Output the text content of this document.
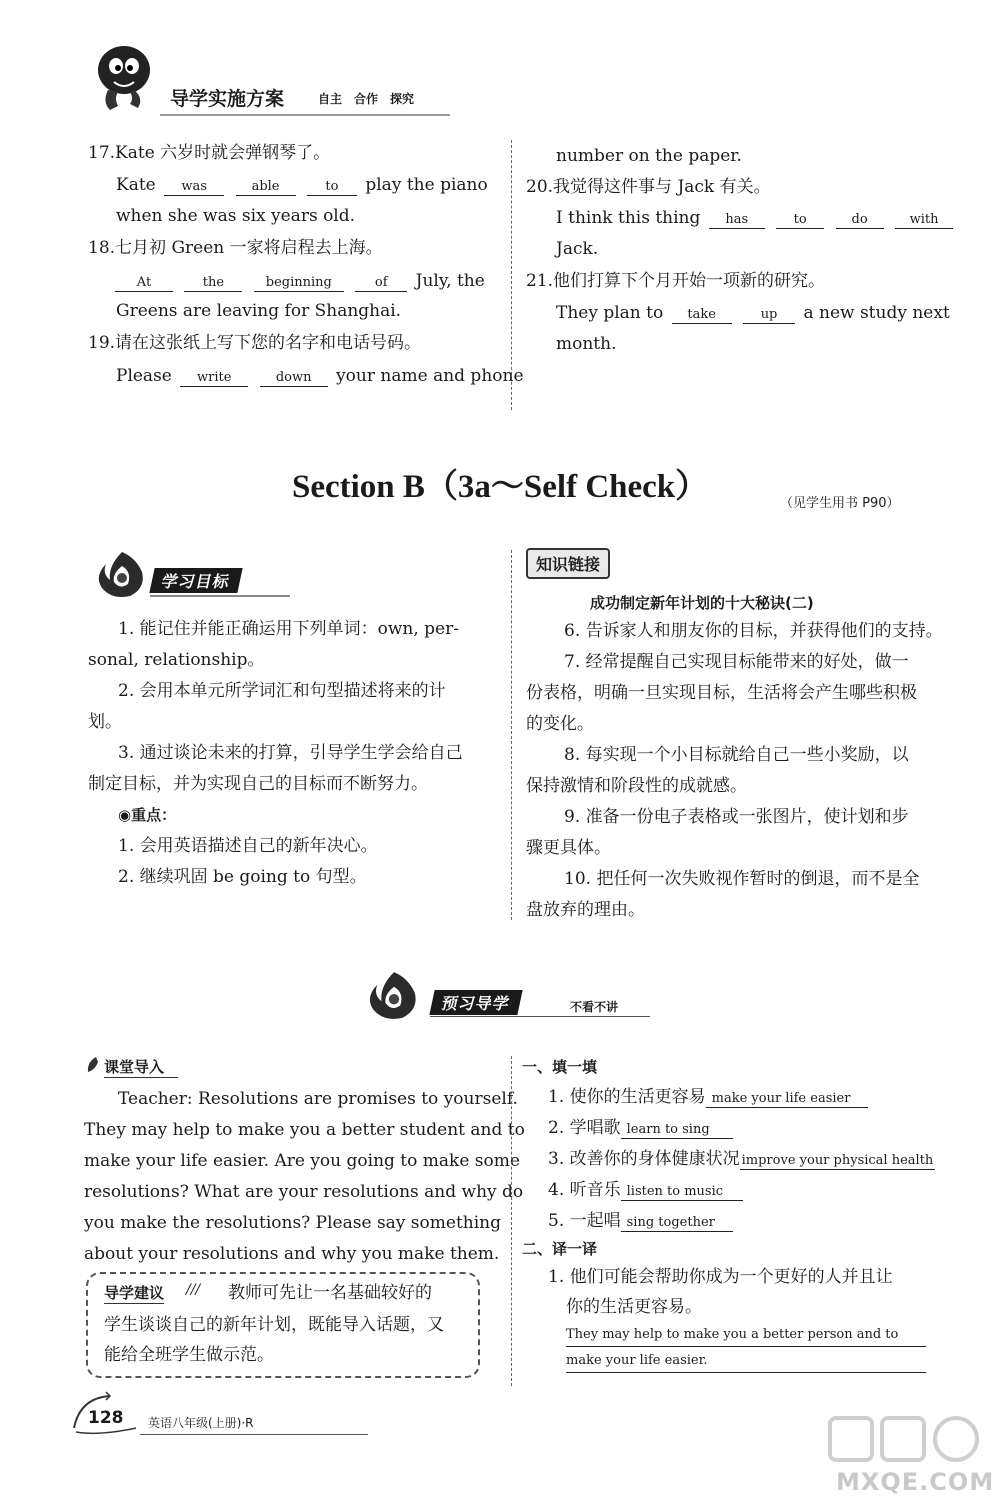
导学实施方案	自主　合作　探究
17.Kate 六岁时就会弹钢琴了。
Kate was	able	to play the piano
when she was six years old.
18.七月初 Green 一家将启程去上海。
At	the	beginning	of July, the
Greens are leaving for Shanghai.
19.请在这张纸上写下您的名字和电话号码。
Please write	down your name and phone
number on the paper.
20.我觉得这件事与 Jack 有关。
I think this thing has	to	do	with
Jack.
21.他们打算下个月开始一项新的研究。
They plan to take	up a new study next
month.
Section B（3a～Self Check）	（见学生用书 P90）
学习目标
1. 能记住并能正确运用下列单词：own, per-
sonal, relationship。
2. 会用本单元所学词汇和句型描述将来的计
划。
3. 通过谈论未来的打算，引导学生学会给自己
制定目标，并为实现自己的目标而不断努力。
◉重点：
1. 会用英语描述自己的新年决心。
2. 继续巩固 be going to 句型。
知识链接
成功制定新年计划的十大秘诀(二)
6. 告诉家人和朋友你的目标，并获得他们的支持。
7. 经常提醒自己实现目标能带来的好处，做一
份表格，明确一旦实现目标，生活将会产生哪些积极
的变化。
8. 每实现一个小目标就给自己一些小奖励，以
保持激情和阶段性的成就感。
9. 准备一份电子表格或一张图片，使计划和步
骤更具体。
10. 把任何一次失败视作暂时的倒退，而不是全
盘放弃的理由。
预习导学	不看不讲
课堂导入
Teacher: Resolutions are promises to yourself.
They may help to make you a better student and to
make your life easier. Are you going to make some
resolutions? What are your resolutions and why do
you make the resolutions? Please say something
about your resolutions and why you make them.
导学建议 /// 教师可先让一名基础较好的
学生谈谈自己的新年计划，既能导入话题，又
能给全班学生做示范。
一、填一填
1. 使你的生活更容易 make your life easier
2. 学唱歌 learn to sing
3. 改善你的身体健康状况 improve your physical health
4. 听音乐 listen to music
5. 一起唱 sing together
二、译一译
1. 他们可能会帮助你成为一个更好的人并且让
你的生活更容易。
They may help to make you a better person and to
make your life easier.
128 英语八年级(上册)·R
MXQE.COM
